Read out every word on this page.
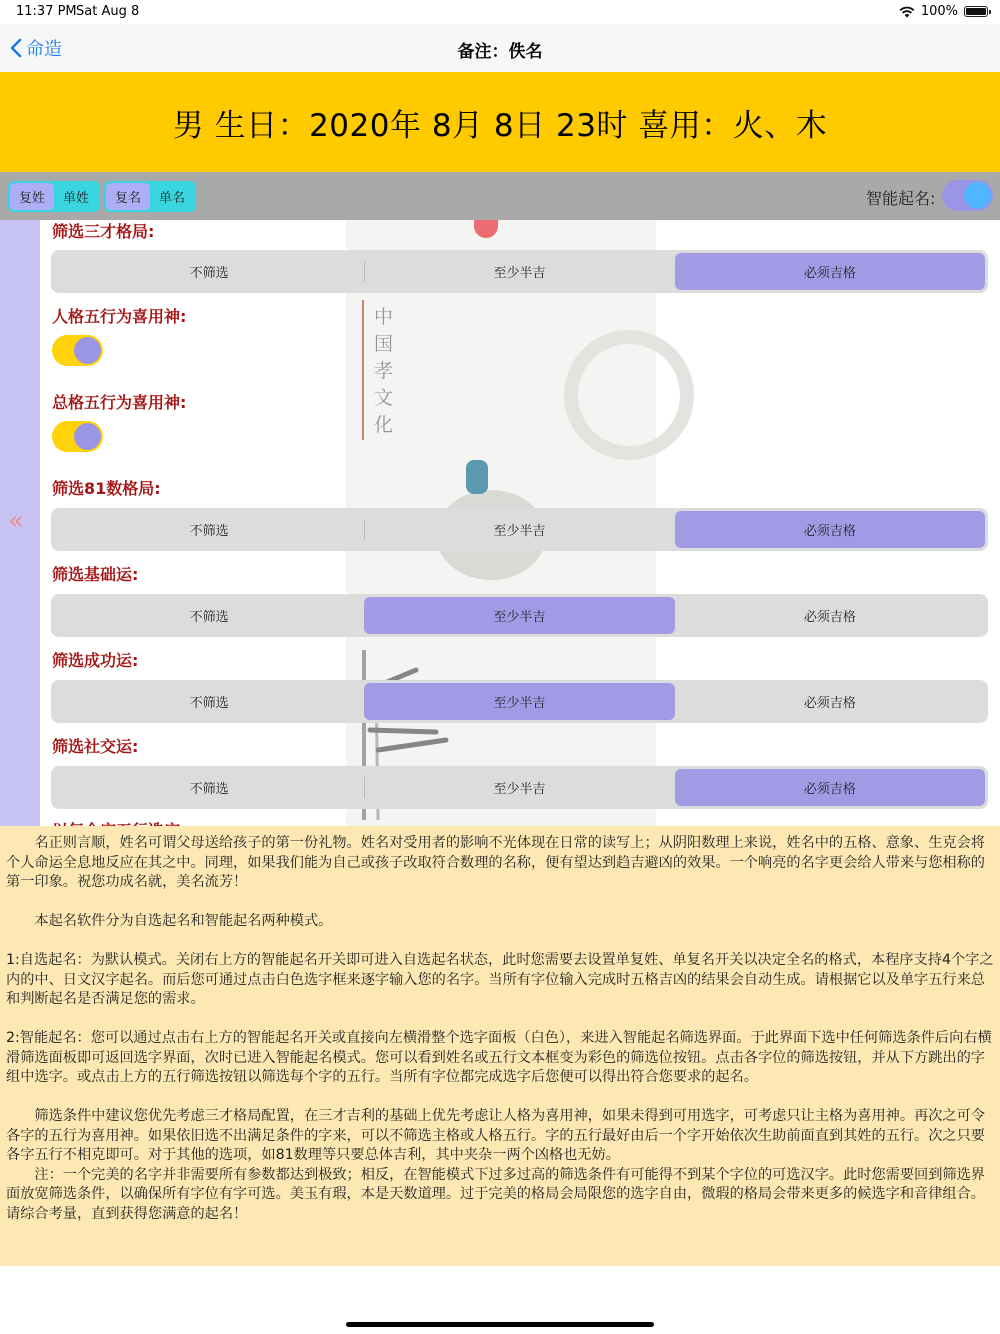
11:37 PM Sat Aug 8	100%
命造	备注：佚名
男 生日：2020年 8月 8日 23时 喜用：火、木
复姓	单姓	复名	单名	智能起名:
«
中国孝文化
筛选三才格局:
不筛选	至少半吉	必须吉格
人格五行为喜用神:
总格五行为喜用神:
筛选81数格局:
不筛选	至少半吉	必须吉格
筛选基础运:
不筛选	至少半吉	必须吉格
筛选成功运:
不筛选	至少半吉	必须吉格
筛选社交运:
不筛选	至少半吉	必须吉格

　　名正则言顺，姓名可谓父母送给孩子的第一份礼物。姓名对受用者的影响不光体现在日常的读写上；从阴阳数理上来说，姓名中的五格、意象、生克会将个人命运全息地反应在其之中。同理，如果我们能为自己或孩子改取符合数理的名称，便有望达到趋吉避凶的效果。一个响亮的名字更会给人带来与您相称的第一印象。祝您功成名就，美名流芳！

　　本起名软件分为自选起名和智能起名两种模式。

1:自选起名：为默认模式。关闭右上方的智能起名开关即可进入自选起名状态，此时您需要去设置单复姓、单复名开关以决定全名的格式，本程序支持4个字之内的中、日文汉字起名。而后您可通过点击白色选字框来逐字输入您的名字。当所有字位输入完成时五格吉凶的结果会自动生成。请根据它以及单字五行来总和判断起名是否满足您的需求。

2:智能起名：您可以通过点击右上方的智能起名开关或直接向左横滑整个选字面板（白色），来进入智能起名筛选界面。于此界面下选中任何筛选条件后向右横滑筛选面板即可返回选字界面，次时已进入智能起名模式。您可以看到姓名或五行文本框变为彩色的筛选位按钮。点击各字位的筛选按钮，并从下方跳出的字组中选字。或点击上方的五行筛选按钮以筛选每个字的五行。当所有字位都完成选字后您便可以得出符合您要求的起名。

　　筛选条件中建议您优先考虑三才格局配置，在三才吉利的基础上优先考虑让人格为喜用神，如果未得到可用选字，可考虑只让主格为喜用神。再次之可令各字的五行为喜用神。如果依旧选不出满足条件的字来，可以不筛选主格或人格五行。字的五行最好由后一个字开始依次生助前面直到其姓的五行。次之只要各字五行不相克即可。对于其他的选项，如81数理等只要总体吉利，其中夹杂一两个凶格也无妨。

　　注：一个完美的名字并非需要所有参数都达到极致；相反，在智能模式下过多过高的筛选条件有可能得不到某个字位的可选汉字。此时您需要回到筛选界面放宽筛选条件，以确保所有字位有字可选。美玉有瑕，本是天数道理。过于完美的格局会局限您的选字自由，微瑕的格局会带来更多的候选字和音律组合。请综合考量，直到获得您满意的起名！
